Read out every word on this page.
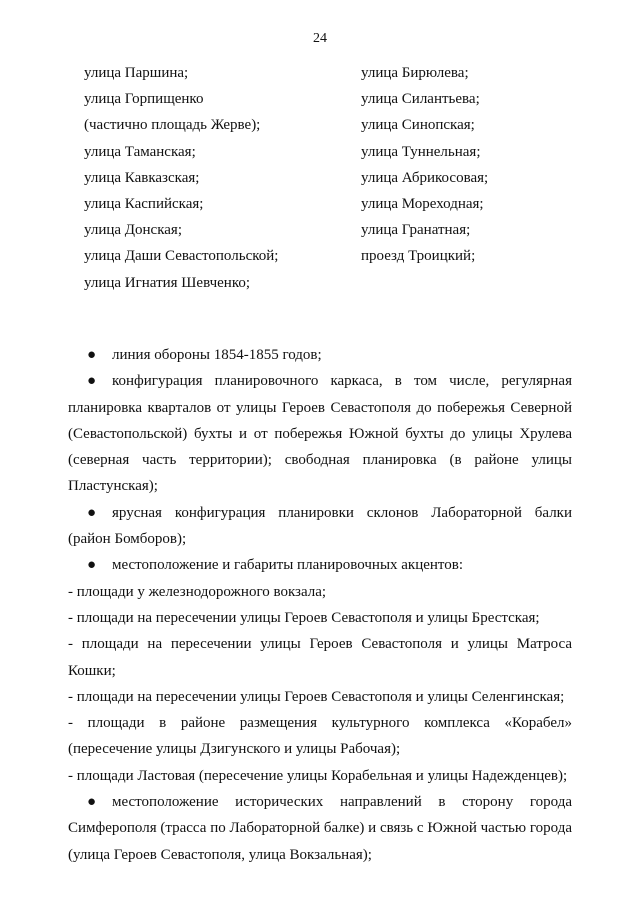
24
улица Паршина;
улица Горпищенко
(частично площадь Жерве);
улица Таманская;
улица Кавказская;
улица Каспийская;
улица Донская;
улица Даши Севастопольской;
улица Игнатия Шевченко;
улица Бирюлева;
улица Силантьева;
улица Синопская;
улица Туннельная;
улица Абрикосовая;
улица Мореходная;
улица Гранатная;
проезд Троицкий;

● линия обороны 1854-1855 годов;

● конфигурация планировочного каркаса, в том числе, регулярная планировка кварталов от улицы Героев Севастополя до побережья Северной (Севастопольской) бухты и от побережья Южной бухты до улицы Хрулева (северная часть территории); свободная планировка (в районе улицы Пластунская);

● ярусная конфигурация планировки склонов Лабораторной балки (район Бомборов);

● местоположение и габариты планировочных акцентов:

- площади у железнодорожного вокзала;

- площади на пересечении улицы Героев Севастополя и улицы Брестская;

- площади на пересечении улицы Героев Севастополя и улицы Матроса Кошки;

- площади на пересечении улицы Героев Севастополя и улицы Селенгинская;

- площади в районе размещения культурного комплекса «Корабел» (пересечение улицы Дзигунского и улицы Рабочая);

- площади Ластовая (пересечение улицы Корабельная и улицы Надежденцев);

● местоположение исторических направлений в сторону города Симферополя (трасса по Лабораторной балке) и связь с Южной частью города (улица Героев Севастополя, улица Вокзальная);
